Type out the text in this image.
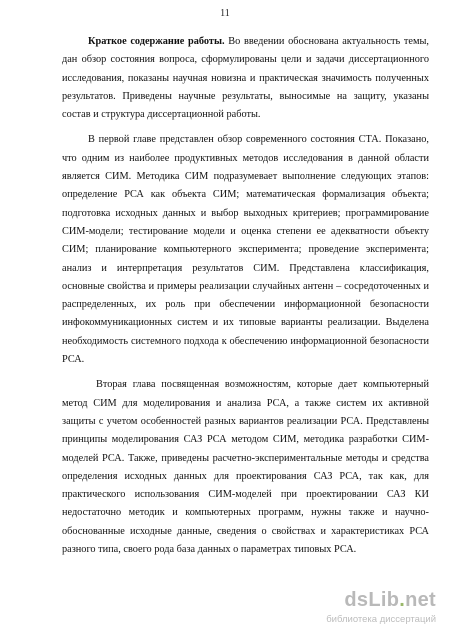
11

Краткое содержание работы. Во введении обоснована актуальность темы, дан обзор состояния вопроса, сформулированы цели и задачи диссертационного исследования, показаны научная новизна и практическая значимость полученных результатов. Приведены научные результаты, выносимые на защиту, указаны состав и структура диссертационной работы.

В первой главе представлен обзор современного состояния СТА. Показано, что одним из наиболее продуктивных методов исследования в данной области является СИМ. Методика СИМ подразумевает выполнение следующих этапов: определение РСА как объекта СИМ; математическая формализация объекта; подготовка исходных данных и выбор выходных критериев; программирование СИМ-модели; тестирование модели и оценка степени ее адекватности объекту СИМ; планирование компьютерного эксперимента; проведение эксперимента; анализ и интерпретация результатов СИМ. Представлена классификация, основные свойства и примеры реализации случайных антенн – сосредоточенных и распределенных, их роль при обеспечении информационной безопасности инфокоммуникационных систем и их типовые варианты реализации. Выделена необходимость системного подхода к обеспечению информационной безопасности РСА.

Вторая глава посвященная возможностям, которые дает компьютерный метод СИМ для моделирования и анализа РСА, а также систем их активной защиты с учетом особенностей разных вариантов реализации РСА. Представлены принципы моделирования САЗ РСА методом СИМ, методика разработки СИМ-моделей РСА. Также, приведены расчетно-экспериментальные методы и средства определения исходных данных для проектирования САЗ РСА, так как, для практического использования СИМ-моделей при проектировании САЗ КИ недостаточно методик и компьютерных программ, нужны также и научно-обоснованные исходные данные, сведения о свойствах и характеристиках РСА разного типа, своего рода база данных о параметрах типовых РСА.

dsLib.net
библиотека диссертаций
